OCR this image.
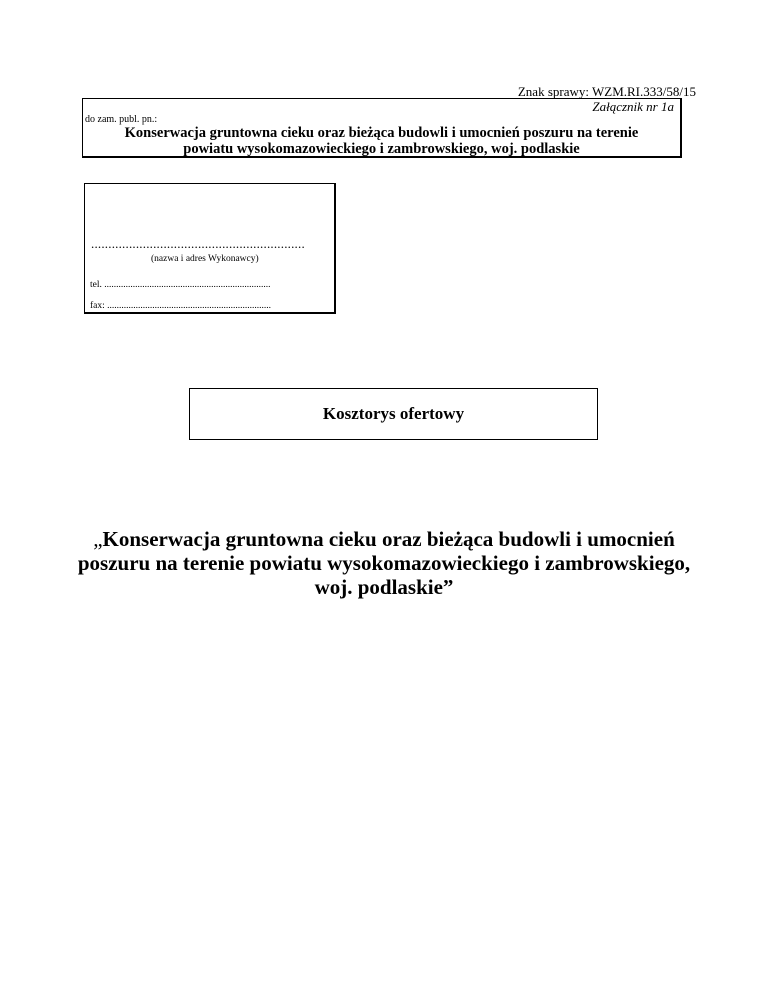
Znak sprawy: WZM.RI.333/58/15
Załącznik nr 1a
do zam. publ. pn.:
Konserwacja gruntowna cieku oraz bieżąca budowli i umocnień poszuru na terenie
powiatu wysokomazowieckiego i zambrowskiego, woj. podlaskie
..............................................................
(nazwa i adres Wykonawcy)
tel. ......................................................................
fax: .....................................................................
Kosztorys ofertowy
„Konserwacja gruntowna cieku oraz bieżąca budowli i umocnień
poszuru na terenie powiatu wysokomazowieckiego i zambrowskiego,
woj. podlaskie”
